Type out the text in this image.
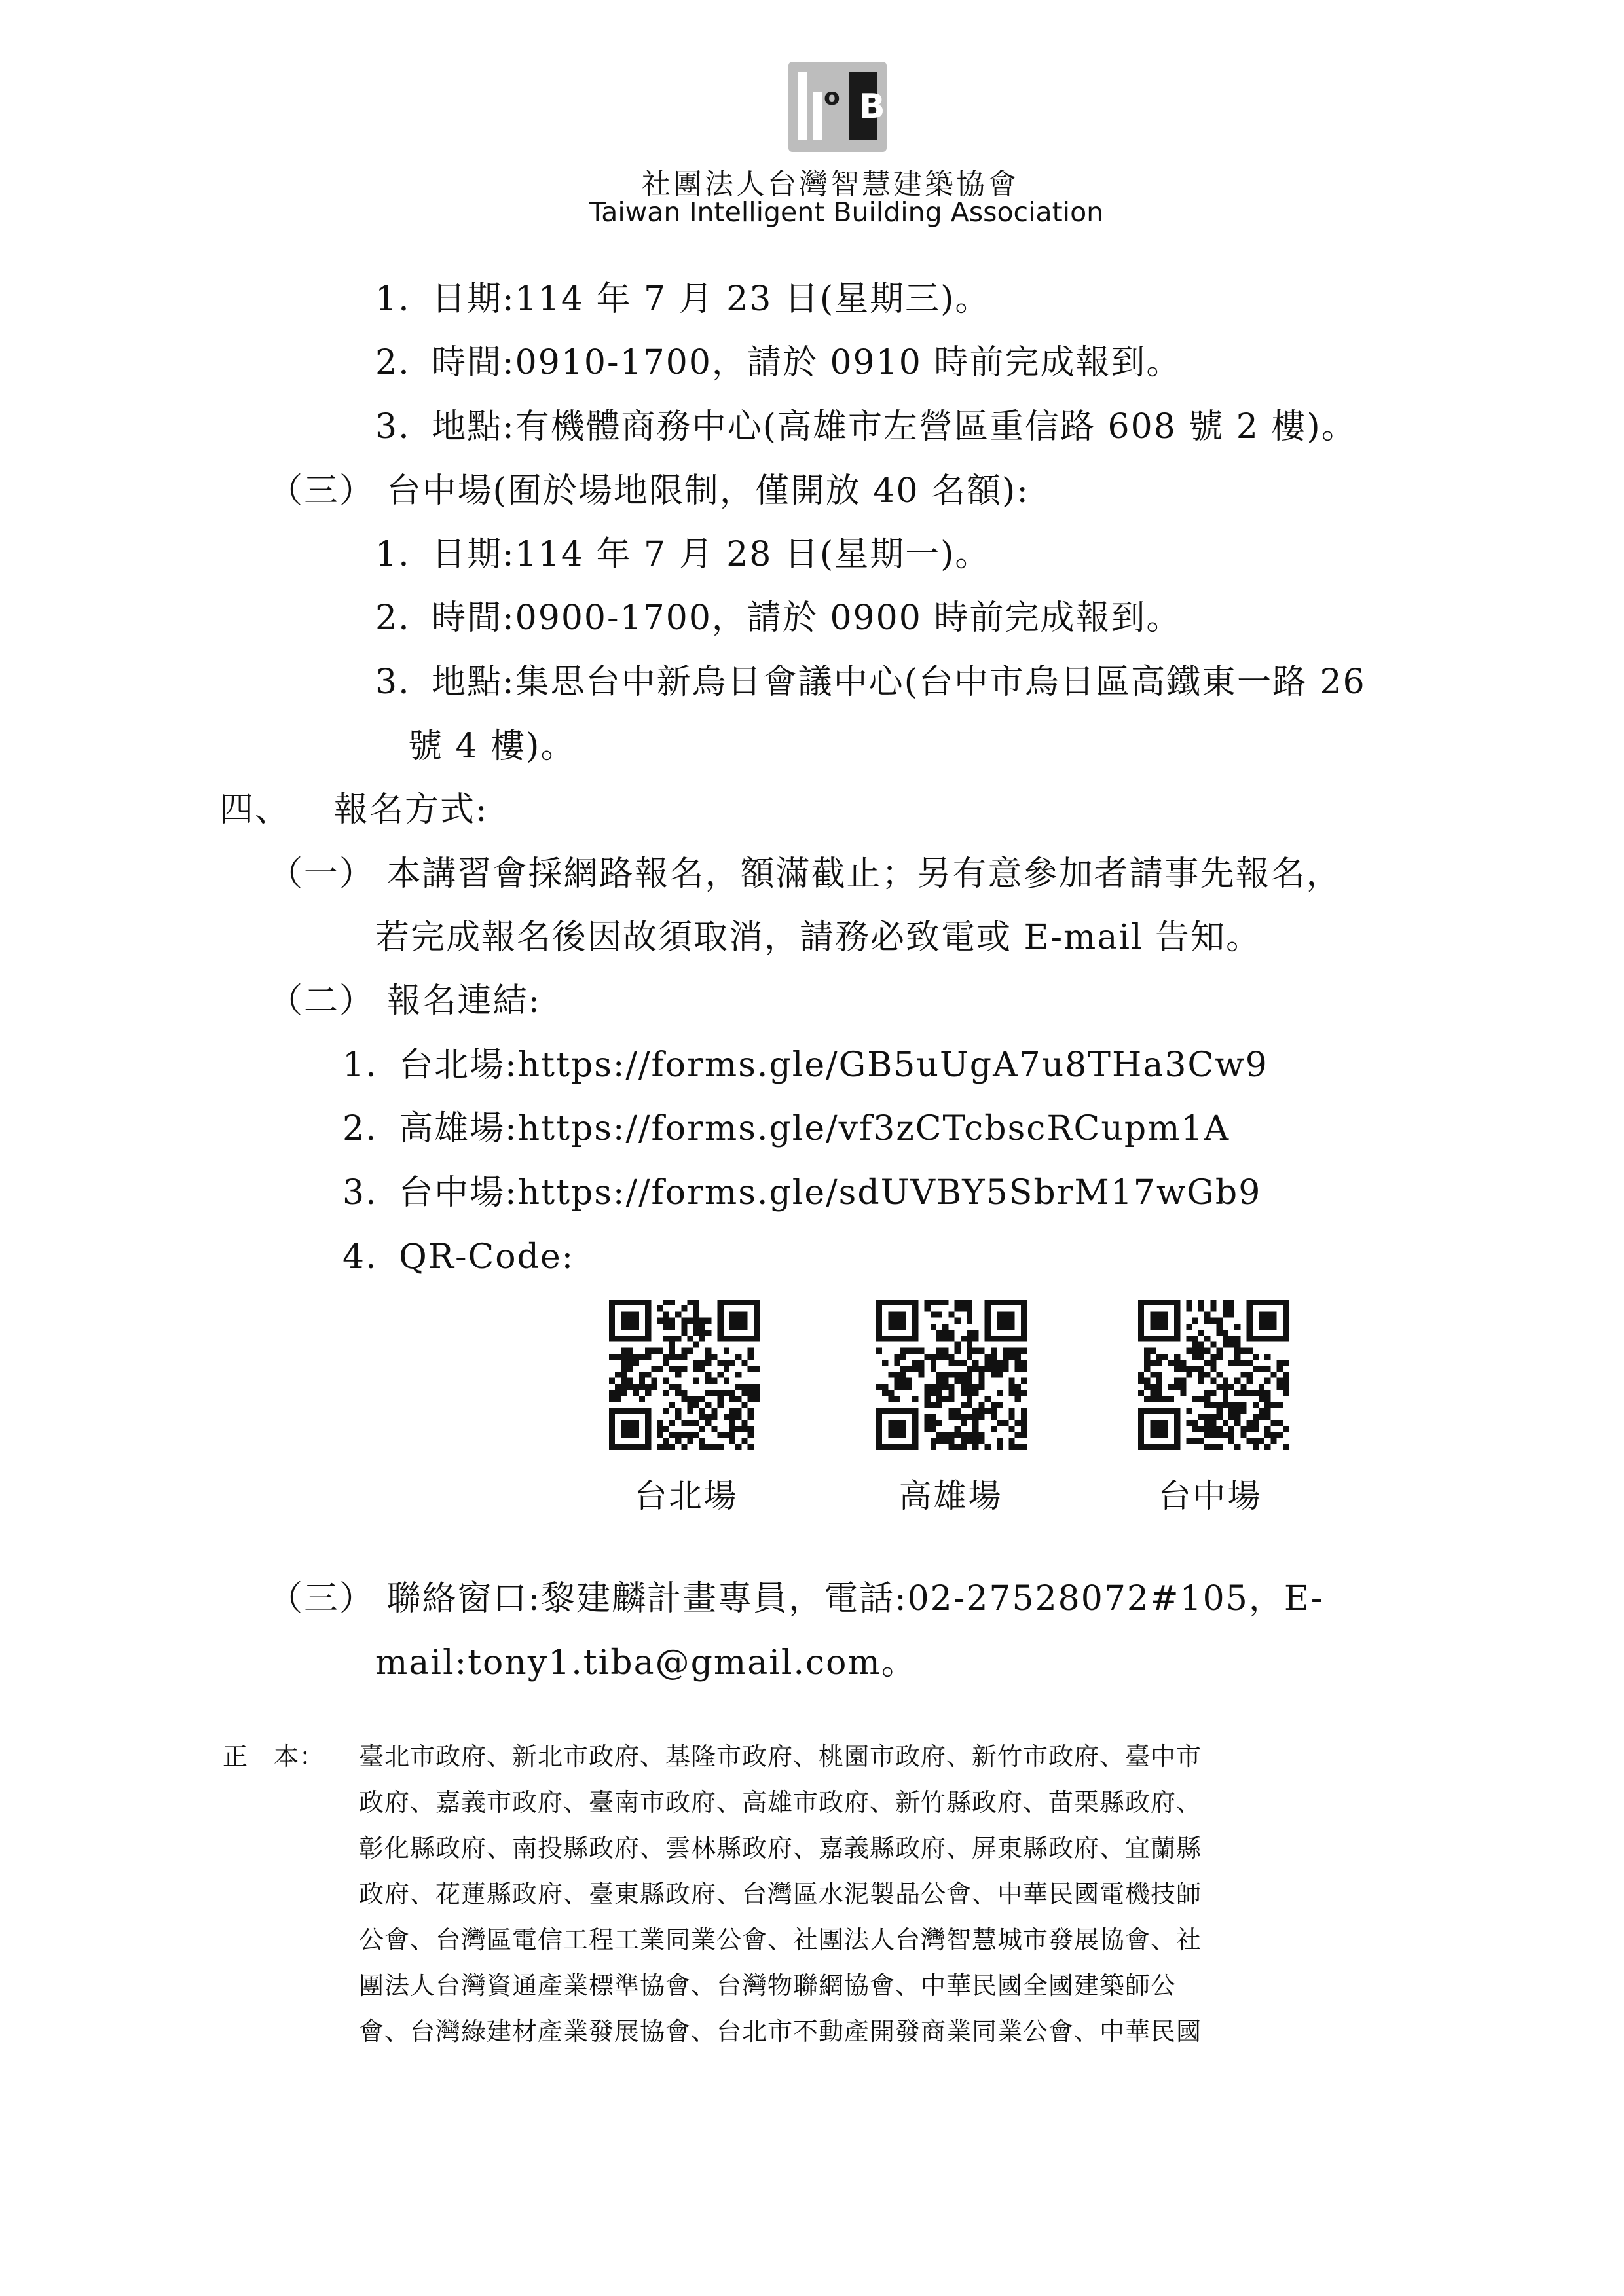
B
o
社團法人台灣智慧建築協會
Taiwan Intelligent Building Association
1. 日期:114 年 7 月 23 日(星期三)。
2. 時間:0910-1700，請於 0910 時前完成報到。
3. 地點:有機體商務中心(高雄市左營區重信路 608 號 2 樓)。
（三） 台中場(囿於場地限制，僅開放 40 名額):
1. 日期:114 年 7 月 28 日(星期一)。
2. 時間:0900-1700，請於 0900 時前完成報到。
3. 地點:集思台中新烏日會議中心(台中市烏日區高鐵東一路 26
號 4 樓)。
四、 報名方式:
（一） 本講習會採網路報名，額滿截止；另有意參加者請事先報名，
若完成報名後因故須取消，請務必致電或 E-mail 告知。
（二） 報名連結:
1. 台北場:https://forms.gle/GB5uUgA7u8THa3Cw9
2. 高雄場:https://forms.gle/vf3zCTcbscRCupm1A
3. 台中場:https://forms.gle/sdUVBY5SbrM17wGb9
4. QR-Code:
台北場	高雄場	台中場
（三） 聯絡窗口:黎建麟計畫專員，電話:02-27528072#105，E-
mail:tony1.tiba@gmail.com。
正　本： 臺北市政府、新北市政府、基隆市政府、桃園市政府、新竹市政府、臺中市
政府、嘉義市政府、臺南市政府、高雄市政府、新竹縣政府、苗栗縣政府、
彰化縣政府、南投縣政府、雲林縣政府、嘉義縣政府、屏東縣政府、宜蘭縣
政府、花蓮縣政府、臺東縣政府、台灣區水泥製品公會、中華民國電機技師
公會、台灣區電信工程工業同業公會、社團法人台灣智慧城市發展協會、社
團法人台灣資通產業標準協會、台灣物聯網協會、中華民國全國建築師公
會、台灣綠建材產業發展協會、台北市不動產開發商業同業公會、中華民國
